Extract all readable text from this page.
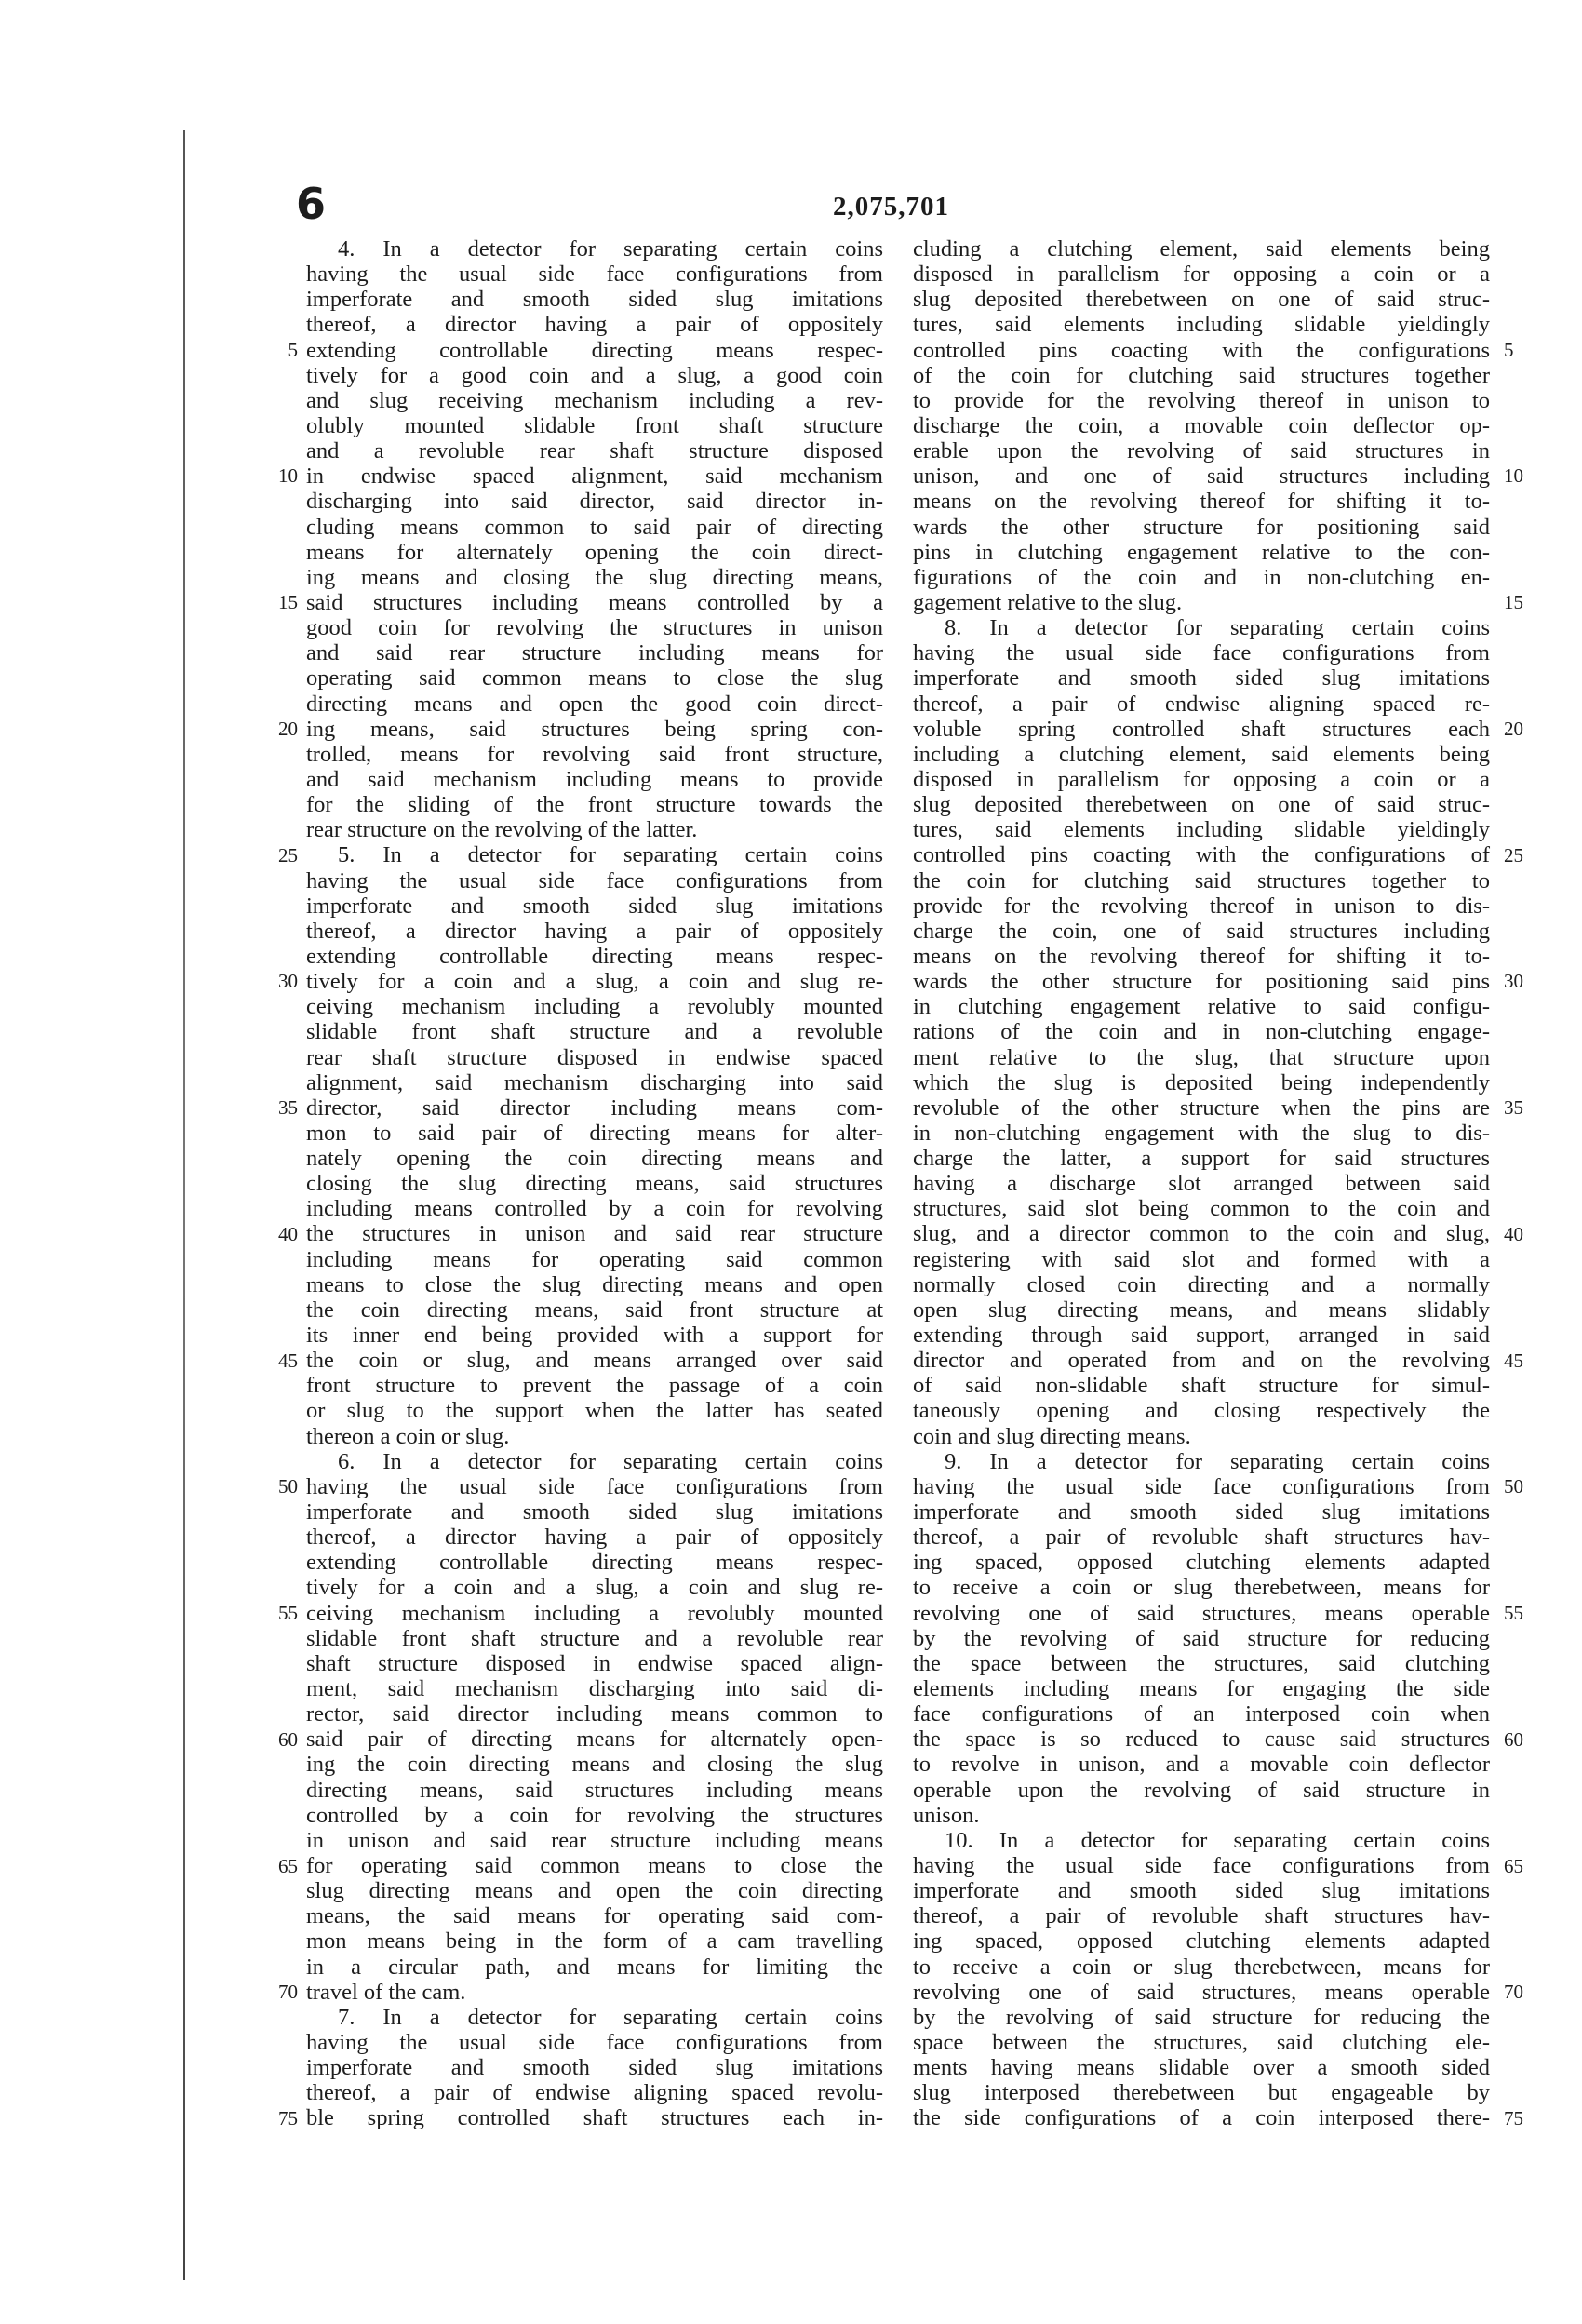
6	2,075,701
4. In a detector for separating certain coins
having the usual side face configurations from
imperforate and smooth sided slug imitations
thereof, a director having a pair of oppositely
extending controllable directing means respec-
tively for a good coin and a slug, a good coin
and slug receiving mechanism including a rev-
olubly mounted slidable front shaft structure
and a revoluble rear shaft structure disposed
in endwise spaced alignment, said mechanism
discharging into said director, said director in-
cluding means common to said pair of directing
means for alternately opening the coin direct-
ing means and closing the slug directing means,
said structures including means controlled by a
good coin for revolving the structures in unison
and said rear structure including means for
operating said common means to close the slug
directing means and open the good coin direct-
ing means, said structures being spring con-
trolled, means for revolving said front structure,
and said mechanism including means to provide
for the sliding of the front structure towards the
rear structure on the revolving of the latter.
5. In a detector for separating certain coins
having the usual side face configurations from
imperforate and smooth sided slug imitations
thereof, a director having a pair of oppositely
extending controllable directing means respec-
tively for a coin and a slug, a coin and slug re-
ceiving mechanism including a revolubly mounted
slidable front shaft structure and a revoluble
rear shaft structure disposed in endwise spaced
alignment, said mechanism discharging into said
director, said director including means com-
mon to said pair of directing means for alter-
nately opening the coin directing means and
closing the slug directing means, said structures
including means controlled by a coin for revolving
the structures in unison and said rear structure
including means for operating said common
means to close the slug directing means and open
the coin directing means, said front structure at
its inner end being provided with a support for
the coin or slug, and means arranged over said
front structure to prevent the passage of a coin
or slug to the support when the latter has seated
thereon a coin or slug.
6. In a detector for separating certain coins
having the usual side face configurations from
imperforate and smooth sided slug imitations
thereof, a director having a pair of oppositely
extending controllable directing means respec-
tively for a coin and a slug, a coin and slug re-
ceiving mechanism including a revolubly mounted
slidable front shaft structure and a revoluble rear
shaft structure disposed in endwise spaced align-
ment, said mechanism discharging into said di-
rector, said director including means common to
said pair of directing means for alternately open-
ing the coin directing means and closing the slug
directing means, said structures including means
controlled by a coin for revolving the structures
in unison and said rear structure including means
for operating said common means to close the
slug directing means and open the coin directing
means, the said means for operating said com-
mon means being in the form of a cam travelling
in a circular path, and means for limiting the
travel of the cam.
7. In a detector for separating certain coins
having the usual side face configurations from
imperforate and smooth sided slug imitations
thereof, a pair of endwise aligning spaced revolu-
ble spring controlled shaft structures each in-
cluding a clutching element, said elements being
disposed in parallelism for opposing a coin or a
slug deposited therebetween on one of said struc-
tures, said elements including slidable yieldingly
controlled pins coacting with the configurations
of the coin for clutching said structures together
to provide for the revolving thereof in unison to
discharge the coin, a movable coin deflector op-
erable upon the revolving of said structures in
unison, and one of said structures including
means on the revolving thereof for shifting it to-
wards the other structure for positioning said
pins in clutching engagement relative to the con-
figurations of the coin and in non-clutching en-
gagement relative to the slug.
8. In a detector for separating certain coins
having the usual side face configurations from
imperforate and smooth sided slug imitations
thereof, a pair of endwise aligning spaced re-
voluble spring controlled shaft structures each
including a clutching element, said elements being
disposed in parallelism for opposing a coin or a
slug deposited therebetween on one of said struc-
tures, said elements including slidable yieldingly
controlled pins coacting with the configurations of
the coin for clutching said structures together to
provide for the revolving thereof in unison to dis-
charge the coin, one of said structures including
means on the revolving thereof for shifting it to-
wards the other structure for positioning said pins
in clutching engagement relative to said configu-
rations of the coin and in non-clutching engage-
ment relative to the slug, that structure upon
which the slug is deposited being independently
revoluble of the other structure when the pins are
in non-clutching engagement with the slug to dis-
charge the latter, a support for said structures
having a discharge slot arranged between said
structures, said slot being common to the coin and
slug, and a director common to the coin and slug,
registering with said slot and formed with a
normally closed coin directing and a normally
open slug directing means, and means slidably
extending through said support, arranged in said
director and operated from and on the revolving
of said non-slidable shaft structure for simul-
taneously opening and closing respectively the
coin and slug directing means.
9. In a detector for separating certain coins
having the usual side face configurations from
imperforate and smooth sided slug imitations
thereof, a pair of revoluble shaft structures hav-
ing spaced, opposed clutching elements adapted
to receive a coin or slug therebetween, means for
revolving one of said structures, means operable
by the revolving of said structure for reducing
the space between the structures, said clutching
elements including means for engaging the side
face configurations of an interposed coin when
the space is so reduced to cause said structures
to revolve in unison, and a movable coin deflector
operable upon the revolving of said structure in
unison.
10. In a detector for separating certain coins
having the usual side face configurations from
imperforate and smooth sided slug imitations
thereof, a pair of revoluble shaft structures hav-
ing spaced, opposed clutching elements adapted
to receive a coin or slug therebetween, means for
revolving one of said structures, means operable
by the revolving of said structure for reducing the
space between the structures, said clutching ele-
ments having means slidable over a smooth sided
slug interposed therebetween but engageable by
the side configurations of a coin interposed there-
5
10
15
20
25
30
35
40
45
50
55
60
65
70
75
5
10
15
20
25
30
35
40
45
50
55
60
65
70
75
